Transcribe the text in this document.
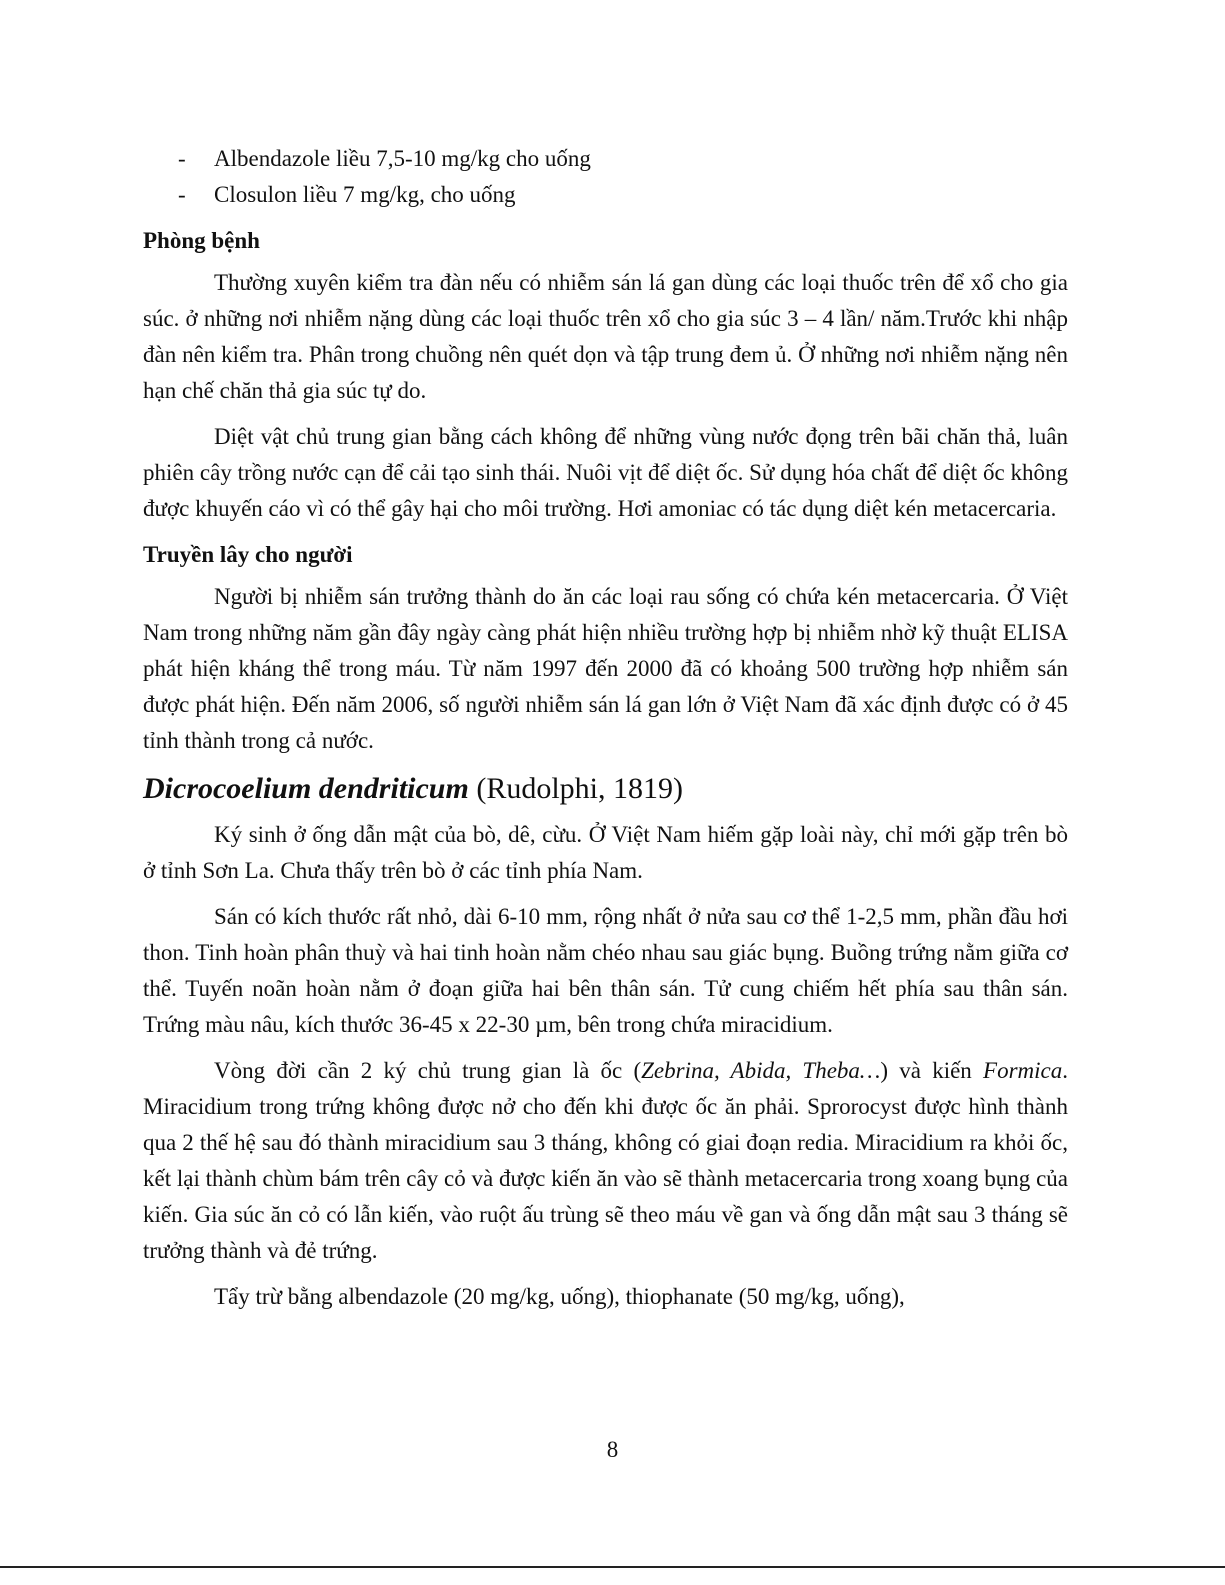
- Albendazole liều 7,5-10 mg/kg cho uống

- Closulon liều 7 mg/kg, cho uống

Phòng bệnh

Thường xuyên kiểm tra đàn nếu có nhiễm sán lá gan dùng các loại thuốc trên để xổ cho gia súc. ở những nơi nhiễm nặng dùng các loại thuốc trên xổ cho gia súc 3 – 4 lần/ năm.Trước khi nhập đàn nên kiểm tra. Phân trong chuồng nên quét dọn và tập trung đem ủ. Ở những nơi nhiễm nặng nên hạn chế chăn thả gia súc tự do.

Diệt vật chủ trung gian bằng cách không để những vùng nước đọng trên bãi chăn thả, luân phiên cây trồng nước cạn để cải tạo sinh thái. Nuôi vịt để diệt ốc. Sử dụng hóa chất để diệt ốc không được khuyến cáo vì có thể gây hại cho môi trường. Hơi amoniac có tác dụng diệt kén metacercaria.

Truyền lây cho người

Người bị nhiễm sán trưởng thành do ăn các loại rau sống có chứa kén metacercaria. Ở Việt Nam trong những năm gần đây ngày càng phát hiện nhiều trường hợp bị nhiễm nhờ kỹ thuật ELISA phát hiện kháng thể trong máu. Từ năm 1997 đến 2000 đã có khoảng 500 trường hợp nhiễm sán được phát hiện. Đến năm 2006, số người nhiễm sán lá gan lớn ở Việt Nam đã xác định được có ở 45 tỉnh thành trong cả nước.

Dicrocoelium dendriticum (Rudolphi, 1819)

Ký sinh ở ống dẫn mật của bò, dê, cừu. Ở Việt Nam hiếm gặp loài này, chỉ mới gặp trên bò ở tỉnh Sơn La. Chưa thấy trên bò ở các tỉnh phía Nam.

Sán có kích thước rất nhỏ, dài 6-10 mm, rộng nhất ở nửa sau cơ thể 1-2,5 mm, phần đầu hơi thon. Tinh hoàn phân thuỳ và hai tinh hoàn nằm chéo nhau sau giác bụng. Buồng trứng nằm giữa cơ thể. Tuyến noãn hoàn nằm ở đoạn giữa hai bên thân sán. Tử cung chiếm hết phía sau thân sán. Trứng màu nâu, kích thước 36-45 x 22-30 µm, bên trong chứa miracidium.

Vòng đời cần 2 ký chủ trung gian là ốc (Zebrina, Abida, Theba…) và kiến Formica. Miracidium trong trứng không được nở cho đến khi được ốc ăn phải. Sprorocyst được hình thành qua 2 thế hệ sau đó thành miracidium sau 3 tháng, không có giai đoạn redia. Miracidium ra khỏi ốc, kết lại thành chùm bám trên cây cỏ và được kiến ăn vào sẽ thành metacercaria trong xoang bụng của kiến. Gia súc ăn cỏ có lẫn kiến, vào ruột ấu trùng sẽ theo máu về gan và ống dẫn mật sau 3 tháng sẽ trưởng thành và đẻ trứng.

Tẩy trừ bằng albendazole (20 mg/kg, uống), thiophanate (50 mg/kg, uống),

8
